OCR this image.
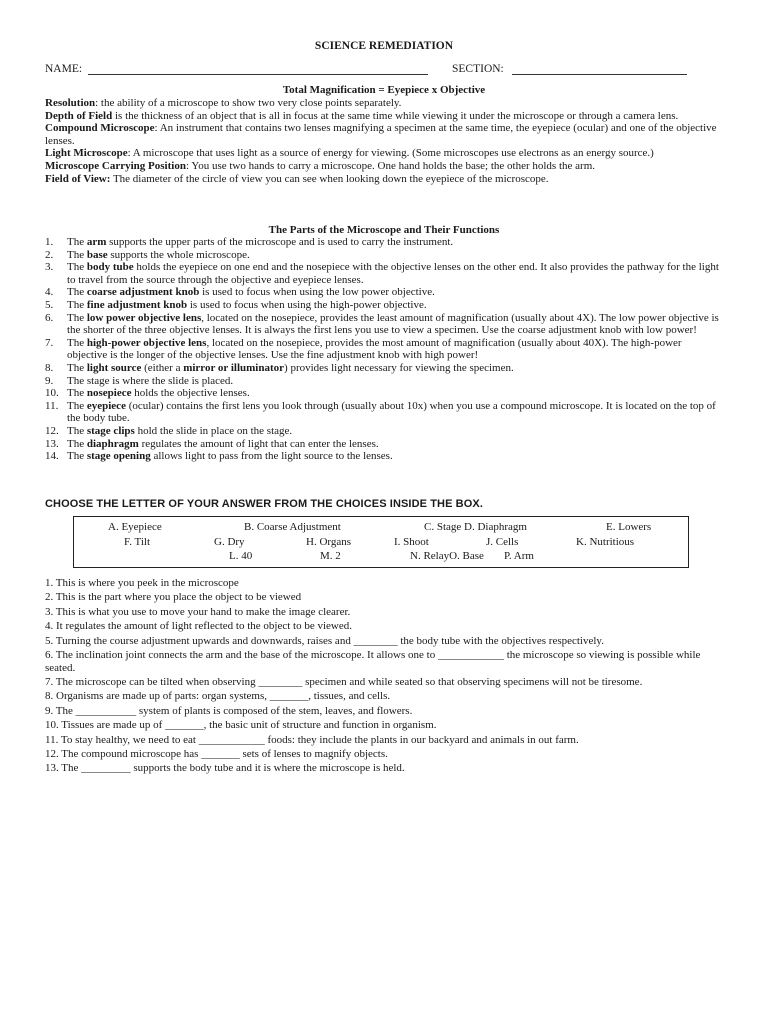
SCIENCE REMEDIATION
NAME:	SECTION:
Total Magnification = Eyepiece x Objective

Resolution: the ability of a microscope to show two very close points separately.

Depth of Field is the thickness of an object that is all in focus at the same time while viewing it under the microscope or through a camera lens.

Compound Microscope: An instrument that contains two lenses magnifying a specimen at the same time, the eyepiece (ocular) and one of the objective lenses.

Light Microscope: A microscope that uses light as a source of energy for viewing. (Some microscopes use electrons as an energy source.)

Microscope Carrying Position: You use two hands to carry a microscope. One hand holds the base; the other holds the arm.

Field of View: The diameter of the circle of view you can see when looking down the eyepiece of the microscope.

The Parts of the Microscope and Their Functions
1. The arm supports the upper parts of the microscope and is used to carry the instrument.
2. The base supports the whole microscope.
3. The body tube holds the eyepiece on one end and the nosepiece with the objective lenses on the other end. It also provides the pathway for the light to travel from the source through the objective and eyepiece lenses.
4. The coarse adjustment knob is used to focus when using the low power objective.
5. The fine adjustment knob is used to focus when using the high-power objective.
6. The low power objective lens, located on the nosepiece, provides the least amount of magnification (usually about 4X). The low power objective is the shorter of the three objective lenses. It is always the first lens you use to view a specimen. Use the coarse adjustment knob with low power!
7. The high-power objective lens, located on the nosepiece, provides the most amount of magnification (usually about 40X). The high-power objective is the longer of the objective lenses. Use the fine adjustment knob with high power!
8. The light source (either a mirror or illuminator) provides light necessary for viewing the specimen.
9. The stage is where the slide is placed.
10. The nosepiece holds the objective lenses.
11. The eyepiece (ocular) contains the first lens you look through (usually about 10x) when you use a compound microscope. It is located on the top of the body tube.
12. The stage clips hold the slide in place on the stage.
13. The diaphragm regulates the amount of light that can enter the lenses.
14. The stage opening allows light to pass from the light source to the lenses.
CHOOSE THE LETTER OF YOUR ANSWER FROM THE CHOICES INSIDE THE BOX.
A. Eyepiece	B. Coarse Adjustment	C. Stage D. Diaphragm	E. Lowers
F. Tilt	G. Dry	H. Organs	I. Shoot	J. Cells	K. Nutritious
L. 40	M. 2	N. RelayO. Base P. Arm

1. This is where you peek in the microscope

2. This is the part where you place the object to be viewed

3. This is what you use to move your hand to make the image clearer.

4. It regulates the amount of light reflected to the object to be viewed.

5. Turning the course adjustment upwards and downwards, raises and ________ the body tube with the objectives respectively.

6. The inclination joint connects the arm and the base of the microscope. It allows one to ____________ the microscope so viewing is possible while seated.

7. The microscope can be tilted when observing ________ specimen and while seated so that observing specimens will not be tiresome.

8. Organisms are made up of parts: organ systems, _______, tissues, and cells.

9. The ___________ system of plants is composed of the stem, leaves, and flowers.

10. Tissues are made up of _______, the basic unit of structure and function in organism.

11. To stay healthy, we need to eat ____________ foods: they include the plants in our backyard and animals in out farm.

12. The compound microscope has _______ sets of lenses to magnify objects.

13. The _________ supports the body tube and it is where the microscope is held.
